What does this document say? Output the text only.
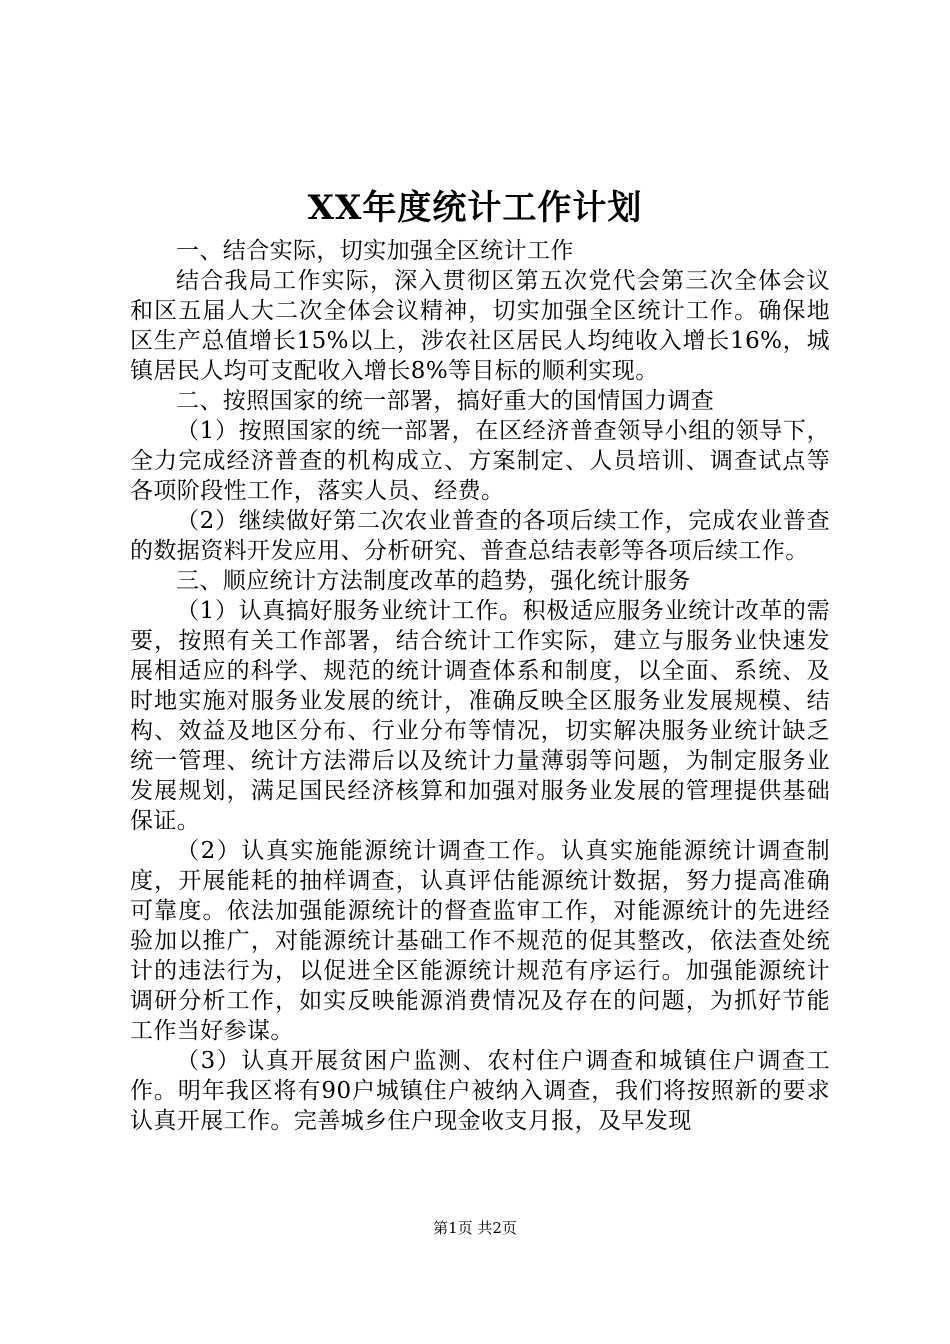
XX年度统计工作计划

一、结合实际，切实加强全区统计工作

结合我局工作实际，深入贯彻区第五次党代会第三次全体会议和区五届人大二次全体会议精神，切实加强全区统计工作。确保地区生产总值增长15%以上，涉农社区居民人均纯收入增长16%，城镇居民人均可支配收入增长8%等目标的顺利实现。

二、按照国家的统一部署，搞好重大的国情国力调查

（1）按照国家的统一部署，在区经济普查领导小组的领导下，全力完成经济普查的机构成立、方案制定、人员培训、调查试点等各项阶段性工作，落实人员、经费。

（2）继续做好第二次农业普查的各项后续工作，完成农业普查的数据资料开发应用、分析研究、普查总结表彰等各项后续工作。

三、顺应统计方法制度改革的趋势，强化统计服务

（1）认真搞好服务业统计工作。积极适应服务业统计改革的需要，按照有关工作部署，结合统计工作实际，建立与服务业快速发展相适应的科学、规范的统计调查体系和制度，以全面、系统、及时地实施对服务业发展的统计，准确反映全区服务业发展规模、结构、效益及地区分布、行业分布等情况，切实解决服务业统计缺乏统一管理、统计方法滞后以及统计力量薄弱等问题，为制定服务业发展规划，满足国民经济核算和加强对服务业发展的管理提供基础保证。

（2）认真实施能源统计调查工作。认真实施能源统计调查制度，开展能耗的抽样调查，认真评估能源统计数据，努力提高准确可靠度。依法加强能源统计的督查监审工作，对能源统计的先进经验加以推广，对能源统计基础工作不规范的促其整改，依法查处统计的违法行为，以促进全区能源统计规范有序运行。加强能源统计调研分析工作，如实反映能源消费情况及存在的问题，为抓好节能工作当好参谋。

（3）认真开展贫困户监测、农村住户调查和城镇住户调查工作。明年我区将有90户城镇住户被纳入调查，我们将按照新的要求认真开展工作。完善城乡住户现金收支月报，及早发现

第1页 共2页
